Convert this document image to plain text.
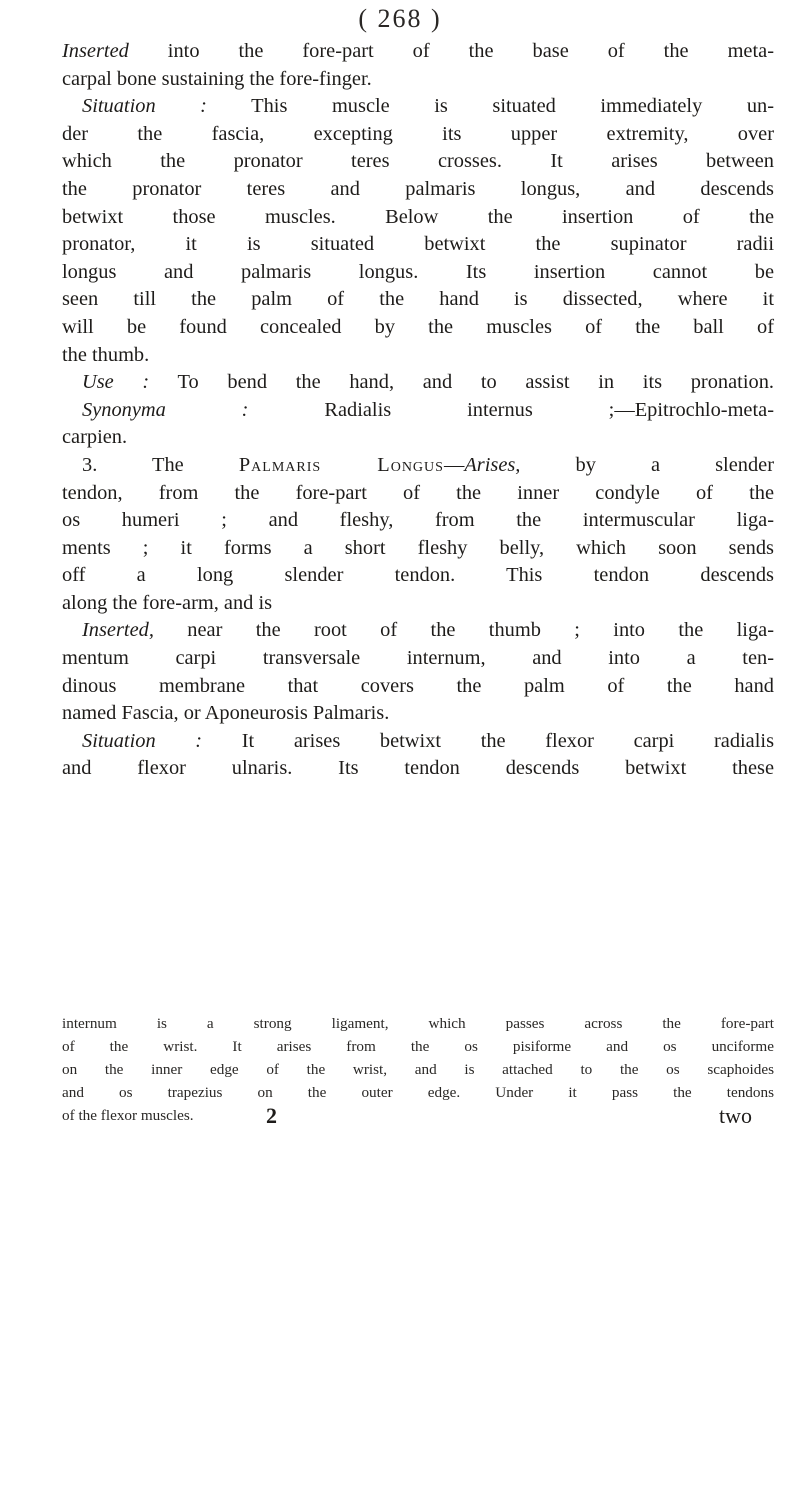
( 268 )
Inserted into the fore-part of the base of the meta-
carpal bone sustaining the fore-finger.
Situation : This muscle is situated immediately un-
der the fascia, excepting its upper extremity, over
which the pronator teres crosses. It arises between
the pronator teres and palmaris longus, and descends
betwixt those muscles. Below the insertion of the
pronator, it is situated betwixt the supinator radii
longus and palmaris longus. Its insertion cannot be
seen till the palm of the hand is dissected, where it
will be found concealed by the muscles of the ball of
the thumb.
Use : To bend the hand, and to assist in its pronation.
Synonyma : Radialis internus ;—Epitrochlo-meta-
carpien.
3. The Palmaris Longus—Arises, by a slender
tendon, from the fore-part of the inner condyle of the
os humeri ; and fleshy, from the intermuscular liga-
ments ; it forms a short fleshy belly, which soon sends
off a long slender tendon. This tendon descends
along the fore-arm, and is
Inserted, near the root of the thumb ; into the liga-
mentum carpi transversale internum, and into a ten-
dinous membrane that covers the palm of the hand
named Fascia, or Aponeurosis Palmaris.
Situation : It arises betwixt the flexor carpi radialis
and flexor ulnaris. Its tendon descends betwixt these
internum is a strong ligament, which passes across the fore-part
of the wrist. It arises from the os pisiforme and os unciforme
on the inner edge of the wrist, and is attached to the os scaphoides
and os trapezius on the outer edge. Under it pass the tendons
of the flexor muscles.	2	two
